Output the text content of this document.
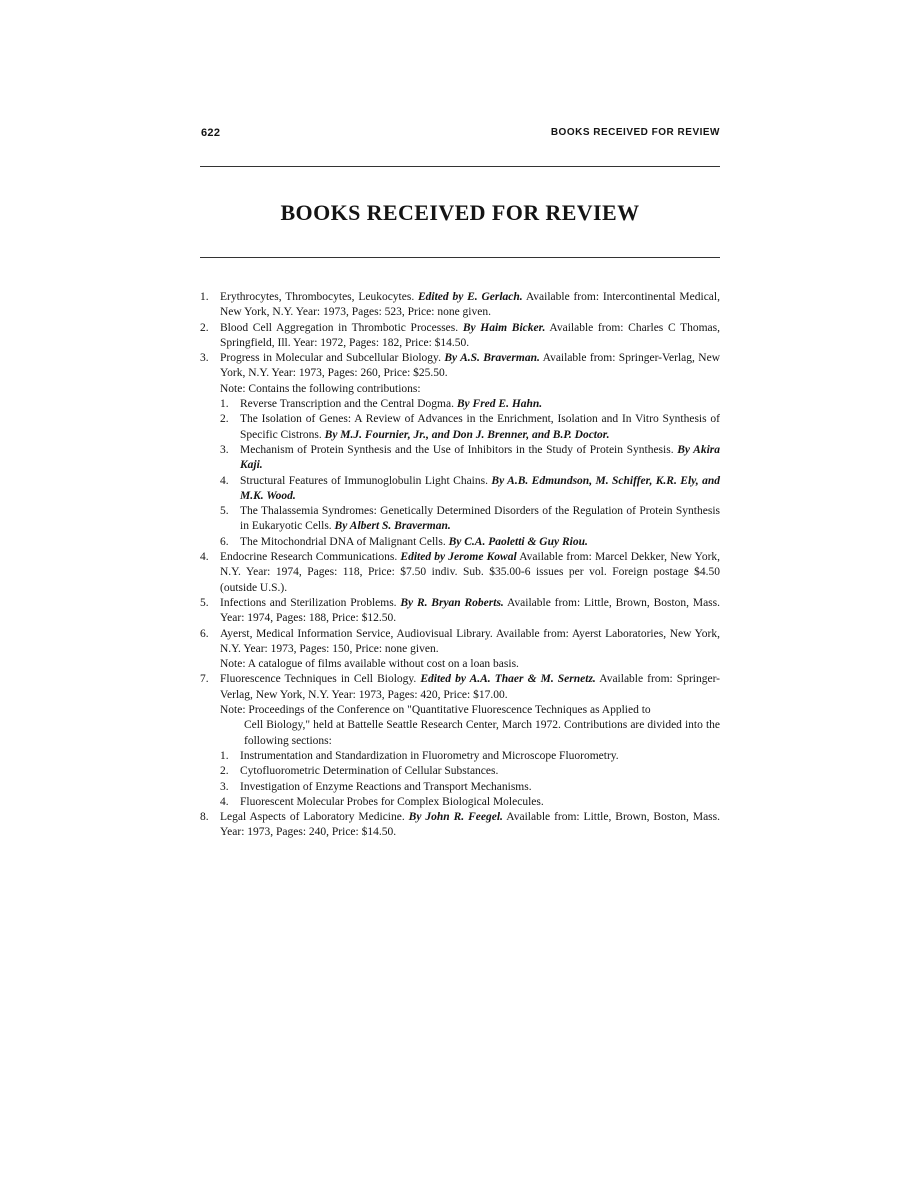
622	BOOKS RECEIVED FOR REVIEW
BOOKS RECEIVED FOR REVIEW
1. Erythrocytes, Thrombocytes, Leukocytes. Edited by E. Gerlach. Available from: Intercontinental Medical, New York, N.Y. Year: 1973, Pages: 523, Price: none given.
2. Blood Cell Aggregation in Thrombotic Processes. By Haim Bicker. Available from: Charles C Thomas, Springfield, Ill. Year: 1972, Pages: 182, Price: $14.50.
3. Progress in Molecular and Subcellular Biology. By A.S. Braverman. Available from: Springer-Verlag, New York, N.Y. Year: 1973, Pages: 260, Price: $25.50.
Note: Contains the following contributions:
1. Reverse Transcription and the Central Dogma. By Fred E. Hahn.
2. The Isolation of Genes: A Review of Advances in the Enrichment, Isolation and In Vitro Synthesis of Specific Cistrons. By M.J. Fournier, Jr., and Don J. Brenner, and B.P. Doctor.
3. Mechanism of Protein Synthesis and the Use of Inhibitors in the Study of Protein Synthesis. By Akira Kaji.
4. Structural Features of Immunoglobulin Light Chains. By A.B. Edmundson, M. Schiffer, K.R. Ely, and M.K. Wood.
5. The Thalassemia Syndromes: Genetically Determined Disorders of the Regulation of Protein Synthesis in Eukaryotic Cells. By Albert S. Braverman.
6. The Mitochondrial DNA of Malignant Cells. By C.A. Paoletti & Guy Riou.
4. Endocrine Research Communications. Edited by Jerome Kowal Available from: Marcel Dekker, New York, N.Y. Year: 1974, Pages: 118, Price: $7.50 indiv. Sub. $35.00-6 issues per vol. Foreign postage $4.50 (outside U.S.).
5. Infections and Sterilization Problems. By R. Bryan Roberts. Available from: Little, Brown, Boston, Mass. Year: 1974, Pages: 188, Price: $12.50.
6. Ayerst, Medical Information Service, Audiovisual Library. Available from: Ayerst Laboratories, New York, N.Y. Year: 1973, Pages: 150, Price: none given.
Note: A catalogue of films available without cost on a loan basis.
7. Fluorescence Techniques in Cell Biology. Edited by A.A. Thaer & M. Sernetz. Available from: Springer-Verlag, New York, N.Y. Year: 1973, Pages: 420, Price: $17.00.
Note: Proceedings of the Conference on "Quantitative Fluorescence Techniques as Applied to
Cell Biology," held at Battelle Seattle Research Center, March 1972. Contributions are divided into the following sections:
1. Instrumentation and Standardization in Fluorometry and Microscope Fluorometry.
2. Cytofluorometric Determination of Cellular Substances.
3. Investigation of Enzyme Reactions and Transport Mechanisms.
4. Fluorescent Molecular Probes for Complex Biological Molecules.
8. Legal Aspects of Laboratory Medicine. By John R. Feegel. Available from: Little, Brown, Boston, Mass. Year: 1973, Pages: 240, Price: $14.50.
